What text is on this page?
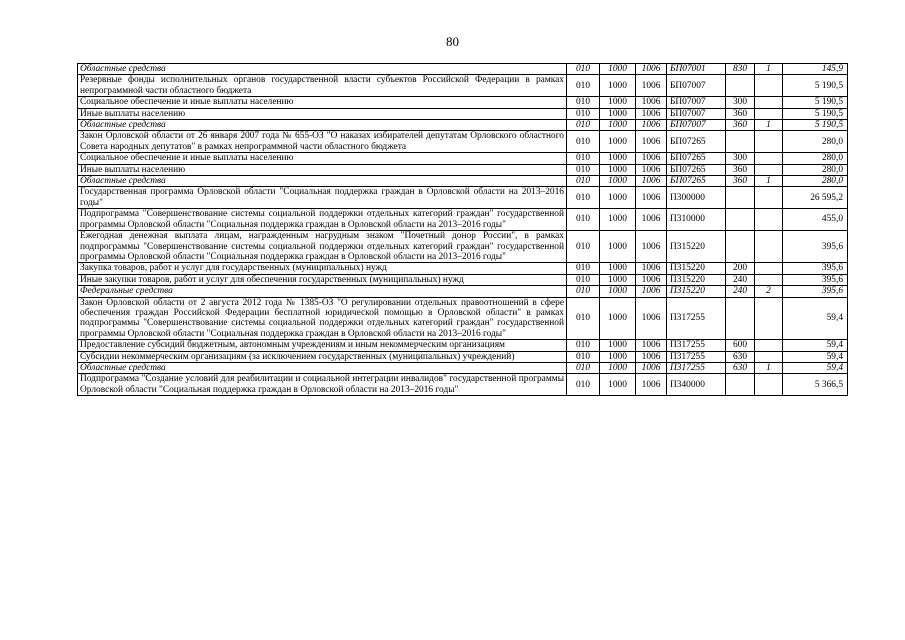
80
Областные средства	010	1000	1006	БП07001	830	1	145,9
Резервные фонды исполнительных органов государственной власти субъектов Российской Федерации в рамках непрограммной части областного бюджета	010	1000	1006	БП07007			5 190,5
Социальное обеспечение и иные выплаты населению	010	1000	1006	БП07007	300		5 190,5
Иные выплаты населению	010	1000	1006	БП07007	360		5 190,5
Областные средства	010	1000	1006	БП07007	360	1	5 190,5
Закон Орловской области от 26 января 2007 года № 655-ОЗ "О наказах избирателей депутатам Орловского областного Совета народных депутатов" в рамках непрограммной части областного бюджета	010	1000	1006	БП07265			280,0
Социальное обеспечение и иные выплаты населению	010	1000	1006	БП07265	300		280,0
Иные выплаты населению	010	1000	1006	БП07265	360		280,0
Областные средства	010	1000	1006	БП07265	360	1	280,0
Государственная программа Орловской области "Социальная поддержка граждан в Орловской области на 2013–2016 годы"	010	1000	1006	П300000			26 595,2
Подпрограмма "Совершенствование системы социальной поддержки отдельных категорий граждан" государственной программы Орловской области "Социальная поддержка граждан в Орловской области на 2013–2016 годы"	010	1000	1006	П310000			455,0
Ежегодная денежная выплата лицам, награжденным нагрудным знаком "Почетный донор России", в рамках подпрограммы "Совершенствование системы социальной поддержки отдельных категорий граждан" государственной программы Орловской области "Социальная поддержка граждан в Орловской области на 2013–2016 годы"	010	1000	1006	П315220			395,6
Закупка товаров, работ и услуг для государственных (муниципальных) нужд	010	1000	1006	П315220	200		395,6
Иные закупки товаров, работ и услуг для обеспечения государственных (муниципальных) нужд	010	1000	1006	П315220	240		395,6
Федеральные средства	010	1000	1006	П315220	240	2	395,6
Закон Орловской области от 2 августа 2012 года № 1385-ОЗ "О регулировании отдельных правоотношений в сфере обеспечения граждан Российской Федерации бесплатной юридической помощью в Орловской области" в рамках подпрограммы "Совершенствование системы социальной поддержки отдельных категорий граждан" государственной программы Орловской области "Социальная поддержка граждан в Орловской области на 2013–2016 годы"	010	1000	1006	П317255			59,4
Предоставление субсидий бюджетным, автономным учреждениям и иным некоммерческим организациям	010	1000	1006	П317255	600		59,4
Субсидии некоммерческим организациям (за исключением государственных (муниципальных) учреждений)	010	1000	1006	П317255	630		59,4
Областные средства	010	1000	1006	П317255	630	1	59,4
Подпрограмма "Создание условий для реабилитации и социальной интеграции инвалидов" государственной программы Орловской области "Социальная поддержка граждан в Орловской области на 2013–2016 годы"	010	1000	1006	П340000			5 366,5
